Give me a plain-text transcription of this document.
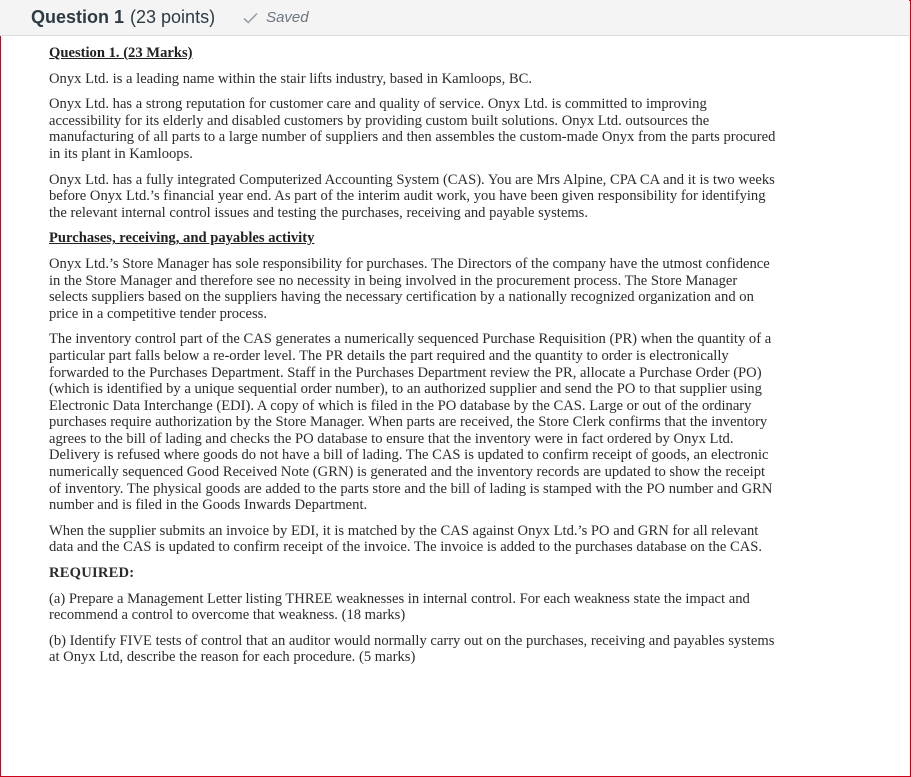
Question 1 (23 points)	Saved

Question 1. (23 Marks)

Onyx Ltd. is a leading name within the stair lifts industry, based in Kamloops, BC.

Onyx Ltd. has a strong reputation for customer care and quality of service. Onyx Ltd. is committed to improving accessibility for its elderly and disabled customers by providing custom built solutions. Onyx Ltd. outsources the manufacturing of all parts to a large number of suppliers and then assembles the custom-made Onyx from the parts procured in its plant in Kamloops.

Onyx Ltd. has a fully integrated Computerized Accounting System (CAS). You are Mrs Alpine, CPA CA and it is two weeks before Onyx Ltd.’s financial year end. As part of the interim audit work, you have been given responsibility for identifying the relevant internal control issues and testing the purchases, receiving and payable systems.

Purchases, receiving, and payables activity

Onyx Ltd.’s Store Manager has sole responsibility for purchases. The Directors of the company have the utmost confidence in the Store Manager and therefore see no necessity in being involved in the procurement process. The Store Manager selects suppliers based on the suppliers having the necessary certification by a nationally recognized organization and on price in a competitive tender process.

The inventory control part of the CAS generates a numerically sequenced Purchase Requisition (PR) when the quantity of a particular part falls below a re-order level. The PR details the part required and the quantity to order is electronically forwarded to the Purchases Department. Staff in the Purchases Department review the PR, allocate a Purchase Order (PO) (which is identified by a unique sequential order number), to an authorized supplier and send the PO to that supplier using Electronic Data Interchange (EDI). A copy of which is filed in the PO database by the CAS. Large or out of the ordinary purchases require authorization by the Store Manager. When parts are received, the Store Clerk confirms that the inventory agrees to the bill of lading and checks the PO database to ensure that the inventory were in fact ordered by Onyx Ltd. Delivery is refused where goods do not have a bill of lading. The CAS is updated to confirm receipt of goods, an electronic numerically sequenced Good Received Note (GRN) is generated and the inventory records are updated to show the receipt of inventory. The physical goods are added to the parts store and the bill of lading is stamped with the PO number and GRN number and is filed in the Goods Inwards Department.

When the supplier submits an invoice by EDI, it is matched by the CAS against Onyx Ltd.’s PO and GRN for all relevant data and the CAS is updated to confirm receipt of the invoice. The invoice is added to the purchases database on the CAS.

REQUIRED:

(a) Prepare a Management Letter listing THREE weaknesses in internal control. For each weakness state the impact and recommend a control to overcome that weakness. (18 marks)

(b) Identify FIVE tests of control that an auditor would normally carry out on the purchases, receiving and payables systems at Onyx Ltd, describe the reason for each procedure. (5 marks)
